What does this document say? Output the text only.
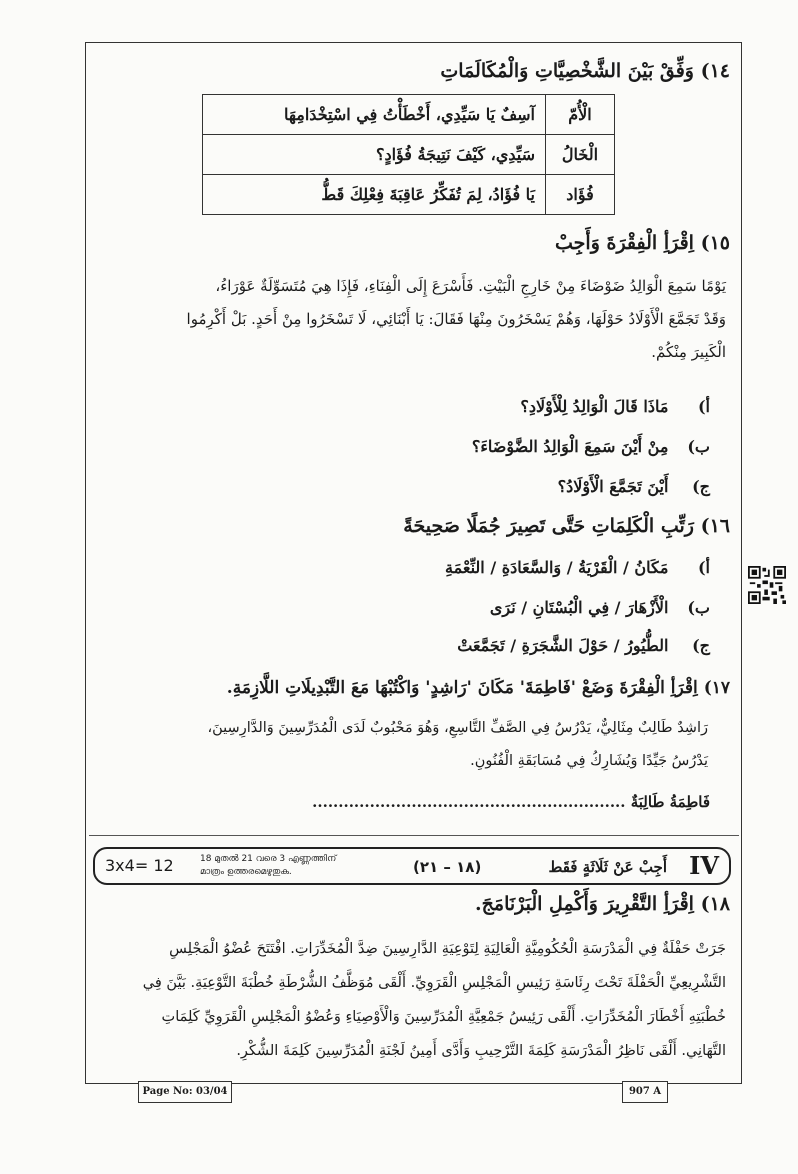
١٤) وَفِّقْ بَيْنَ الشَّخْصِيَّاتِ وَالْمُكَالَمَاتِ
الْأُمّ	آسِفٌ يَا سَيِّدِي، أَخْطَأْتُ فِي اسْتِخْدَامِهَا
الْخَالُ	سَيِّدِي، كَيْفَ نَتِيجَةُ فُؤَادٍ؟
فُؤَاد	يَا فُؤَادُ، لِمَ تُفَكِّرُ عَاقِبَةَ فِعْلِكَ قَطُّ
١٥) اِقْرَأِ الْفِقْرَةَ وَأَجِبْ
يَوْمًا سَمِعَ الْوَالِدُ ضَوْضَاءَ مِنْ خَارِجِ الْبَيْتِ. فَأَسْرَعَ إِلَى الْفِنَاءِ، فَإِذَا هِيَ مُتَسَوِّلَةٌ عَوْرَاءُ،
وَقَدْ تَجَمَّعَ الْأَوْلَادُ حَوْلَهَا، وَهُمْ يَسْخَرُونَ مِنْهَا فَقَالَ: يَا أَبْنَائِي، لَا تَسْخَرُوا مِنْ أَحَدٍ. بَلْ أَكْرِمُوا
الْكَبِيرَ مِنْكُمْ.
أ) مَاذَا قَالَ الْوَالِدُ لِلْأَوْلَادِ؟
ب) مِنْ أَيْنَ سَمِعَ الْوَالِدُ الضَّوْضَاءَ؟
ج) أَيْنَ تَجَمَّعَ الْأَوْلَادُ؟
١٦) رَتِّبِ الْكَلِمَاتِ حَتَّى تَصِيرَ جُمَلًا صَحِيحَةً
أ) مَكَانُ / الْقَرْيَةُ / وَالسَّعَادَةِ / النِّعْمَةِ
ب) الْأَزْهَارَ / فِي الْبُسْتَانِ / نَرَى
ج) الطُّيُورُ / حَوْلَ الشَّجَرَةِ / تَجَمَّعَتْ
١٧) اِقْرَأِ الْفِقْرَةَ وَضَعْ 'فَاطِمَةَ' مَكَانَ 'رَاشِدٍ' وَاكْتُبْهَا مَعَ التَّبْدِيلَاتِ اللَّازِمَةِ.
رَاشِدٌ طَالِبٌ مِثَالِيٌّ، يَدْرُسُ فِي الصَّفِّ التَّاسِعِ، وَهُوَ مَحْبُوبٌ لَدَى الْمُدَرِّسِينَ وَالدَّارِسِينَ،
يَدْرُسُ جَيِّدًا وَيُشَارِكُ فِي مُسَابَقَةِ الْفُنُونِ.
فَاطِمَةُ طَالِبَةٌ ............................................................
IV
أَجِبْ عَنْ ثَلَاثَةٍ فَقَط
(١٨ – ٢١)
18 മുതൽ 21 വരെ 3 എണ്ണത്തിന്
മാത്രം ഉത്തരമെഴുതുക.
3x4= 12
١٨) اِقْرَأِ التَّقْرِيرَ وَأَكْمِلِ الْبَرْنَامَجَ.
جَرَتْ حَفْلَةٌ فِي الْمَدْرَسَةِ الْحُكُومِيَّةِ الْعَالِيَةِ لِتَوْعِيَةِ الدَّارِسِينَ ضِدَّ الْمُخَدِّرَاتِ. افْتَتَحَ عُضْوُ الْمَجْلِسِ
التَّشْرِيعِيِّ الْحَفْلَةَ تَحْتَ رِئَاسَةِ رَئِيسِ الْمَجْلِسِ الْقَرَوِيِّ. أَلْقَى مُوَظَّفُ الشُّرْطَةِ خُطْبَةَ التَّوْعِيَةِ. بَيَّنَ فِي
خُطْبَتِهِ أَخْطَارَ الْمُخَدِّرَاتِ. أَلْقَى رَئِيسُ جَمْعِيَّةِ الْمُدَرِّسِينَ وَالْأَوْصِيَاءِ وَعُضْوُ الْمَجْلِسِ الْقَرَوِيِّ كَلِمَاتِ
التَّهَانِي. أَلْقَى نَاظِرُ الْمَدْرَسَةِ كَلِمَةَ التَّرْحِيبِ وَأَدَّى أَمِينُ لَجْنَةِ الْمُدَرِّسِينَ كَلِمَةَ الشُّكْرِ.
Page No: 03/04	907 A
